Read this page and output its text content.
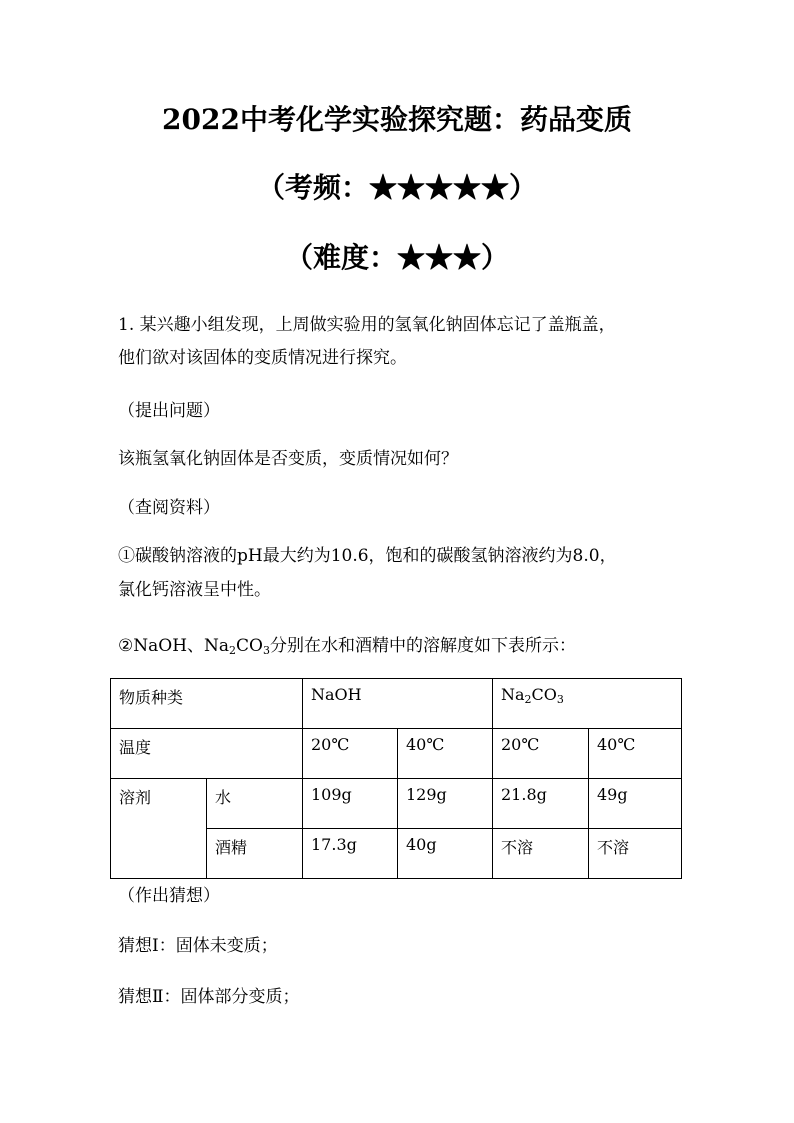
2022中考化学实验探究题：药品变质
（考频：★★★★★）
（难度：★★★）
1. 某兴趣小组发现，上周做实验用的氢氧化钠固体忘记了盖瓶盖，
他们欲对该固体的变质情况进行探究。
（提出问题）
该瓶氢氧化钠固体是否变质，变质情况如何？
（查阅资料）
①碳酸钠溶液的pH最大约为10.6，饱和的碳酸氢钠溶液约为8.0，
氯化钙溶液呈中性。
②NaOH、$Na_2CO_3$分别在水和酒精中的溶解度如下表所示：
物质种类		NaOH		$Na_2CO_3$
温度		20℃	40℃	20℃	40℃
溶剂	水	109g	129g	21.8g	49g
	酒精	17.3g	40g	不溶	不溶
（作出猜想）
猜想Ⅰ：固体未变质；
猜想Ⅱ：固体部分变质；
